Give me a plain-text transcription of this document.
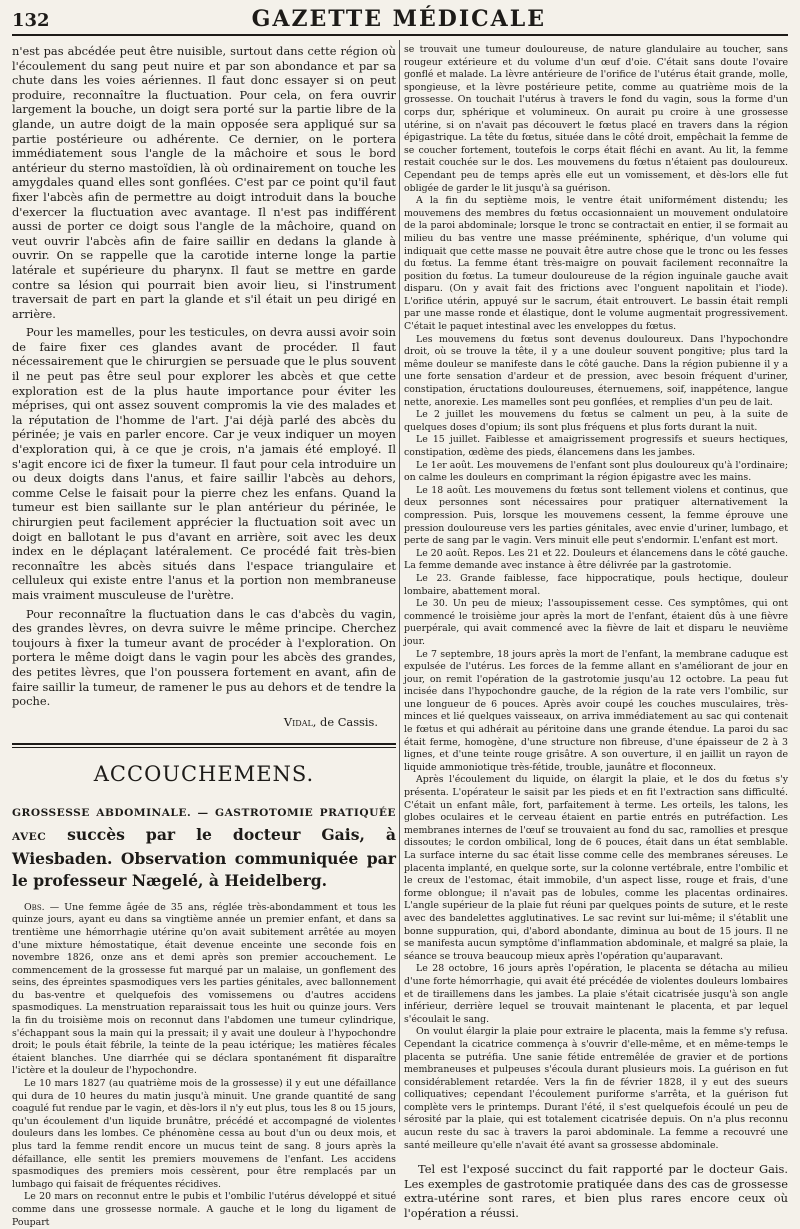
132	GAZETTE MÉDICALE

n'est pas abcédée peut être nuisible, surtout dans cette région où l'écoulement du sang peut nuire et par son abondance et par sa chute dans les voies aériennes. Il faut donc essayer si on peut produire, reconnaître la fluctuation. Pour cela, on fera ouvrir largement la bouche, un doigt sera porté sur la partie libre de la glande, un autre doigt de la main opposée sera appliqué sur sa partie postérieure ou adhérente. Ce dernier, on le portera immédiatement sous l'angle de la mâchoire et sous le bord antérieur du sterno mastoïdien, là où ordinairement on touche les amygdales quand elles sont gonflées. C'est par ce point qu'il faut fixer l'abcès afin de permettre au doigt introduit dans la bouche d'exercer la fluctuation avec avantage. Il n'est pas indifférent aussi de porter ce doigt sous l'angle de la mâchoire, quand on veut ouvrir l'abcès afin de faire saillir en dedans la glande à ouvrir. On se rappelle que la carotide interne longe la partie latérale et supérieure du pharynx. Il faut se mettre en garde contre sa lésion qui pourrait bien avoir lieu, si l'instrument traversait de part en part la glande et s'il était un peu dirigé en arrière.

Pour les mamelles, pour les testicules, on devra aussi avoir soin de faire fixer ces glandes avant de procéder. Il faut nécessairement que le chirurgien se persuade que le plus souvent il ne peut pas être seul pour explorer les abcès et que cette exploration est de la plus haute importance pour éviter les méprises, qui ont assez souvent compromis la vie des malades et la réputation de l'homme de l'art. J'ai déjà parlé des abcès du périnée; je vais en parler encore. Car je veux indiquer un moyen d'exploration qui, à ce que je crois, n'a jamais été employé. Il s'agit encore ici de fixer la tumeur. Il faut pour cela introduire un ou deux doigts dans l'anus, et faire saillir l'abcès au dehors, comme Celse le faisait pour la pierre chez les enfans. Quand la tumeur est bien saillante sur le plan antérieur du périnée, le chirurgien peut facilement apprécier la fluctuation soit avec un doigt en ballotant le pus d'avant en arrière, soit avec les deux index en le déplaçant latéralement. Ce procédé fait très-bien reconnaître les abcès situés dans l'espace triangulaire et celluleux qui existe entre l'anus et la portion non membraneuse mais vraiment musculeuse de l'urètre.

Pour reconnaître la fluctuation dans le cas d'abcès du vagin, des grandes lèvres, on devra suivre le même principe. Cherchez toujours à fixer la tumeur avant de procéder à l'exploration. On portera le même doigt dans le vagin pour les abcès des grandes, des petites lèvres, que l'on poussera fortement en avant, afin de faire saillir la tumeur, de ramener le pus au dehors et de tendre la poche.

Vidal, de Cassis.
ACCOUCHEMENS.
GROSSESSE ABDOMINALE. — GASTROTOMIE PRATIQUÉE AVEC succès par le docteur Gais, à Wiesbaden. Observation communiquée par le professeur Nægelé, à Heidelberg.

Obs. — Une femme âgée de 35 ans, réglée très-abondamment et tous les quinze jours, ayant eu dans sa vingtième année un premier enfant, et dans sa trentième une hémorrhagie utérine qu'on avait subitement arrêtée au moyen d'une mixture hémostatique, était devenue enceinte une seconde fois en novembre 1826, onze ans et demi après son premier accouchement. Le commencement de la grossesse fut marqué par un malaise, un gonflement des seins, des épreintes spasmodiques vers les parties génitales, avec ballonnement du bas-ventre et quelquefois des vomissemens ou d'autres accidens spasmodiques. La menstruation reparaissait tous les huit ou quinze jours. Vers la fin du troisième mois on reconnut dans l'abdomen une tumeur cylindrique, s'échappant sous la main qui la pressait; il y avait une douleur à l'hypochondre droit; le pouls était fébrile, la teinte de la peau ictérique; les matières fécales étaient blanches. Une diarrhée qui se déclara spontanément fit disparaître l'ictère et la douleur de l'hypochondre.

Le 10 mars 1827 (au quatrième mois de la grossesse) il y eut une défaillance qui dura de 10 heures du matin jusqu'à minuit. Une grande quantité de sang coagulé fut rendue par le vagin, et dès-lors il n'y eut plus, tous les 8 ou 15 jours, qu'un écoulement d'un liquide brunâtre, précédé et accompagné de violentes douleurs dans les lombes. Ce phénomène cessa au bout d'un ou deux mois, et plus tard la femme rendit encore un mucus teint de sang. 8 jours après la défaillance, elle sentit les premiers mouvemens de l'enfant. Les accidens spasmodiques des premiers mois cessèrent, pour être remplacés par un lumbago qui faisait de fréquentes récidives.

Le 20 mars on reconnut entre le pubis et l'ombilic l'utérus développé et situé comme dans une grossesse normale. A gauche et le long du ligament de Poupart

se trouvait une tumeur douloureuse, de nature glandulaire au toucher, sans rougeur extérieure et du volume d'un œuf d'oie. C'était sans doute l'ovaire gonflé et malade. La lèvre antérieure de l'orifice de l'utérus était grande, molle, spongieuse, et la lèvre postérieure petite, comme au quatrième mois de la grossesse. On touchait l'utérus à travers le fond du vagin, sous la forme d'un corps dur, sphérique et volumineux. On aurait pu croire à une grossesse utérine, si on n'avait pas découvert le fœtus placé en travers dans la région épigastrique. La tête du fœtus, située dans le côté droit, empêchait la femme de se coucher fortement, toutefois le corps était fléchi en avant. Au lit, la femme restait couchée sur le dos. Les mouvemens du fœtus n'étaient pas douloureux. Cependant peu de temps après elle eut un vomissement, et dès-lors elle fut obligée de garder le lit jusqu'à sa guérison.

A la fin du septième mois, le ventre était uniformément distendu; les mouvemens des membres du fœtus occasionnaient un mouvement ondulatoire de la paroi abdominale; lorsque le tronc se contractait en entier, il se formait au milieu du bas ventre une masse prééminente, sphérique, d'un volume qui indiquait que cette masse ne pouvait être autre chose que le tronc ou les fesses du fœtus. La femme étant très-maigre on pouvait facilement reconnaître la position du fœtus. La tumeur douloureuse de la région inguinale gauche avait disparu. (On y avait fait des frictions avec l'onguent napolitain et l'iode). L'orifice utérin, appuyé sur le sacrum, était entrouvert. Le bassin était rempli par une masse ronde et élastique, dont le volume augmentait progressivement. C'était le paquet intestinal avec les enveloppes du fœtus.

Les mouvemens du fœtus sont devenus douloureux. Dans l'hypochondre droit, où se trouve la tête, il y a une douleur souvent pongitive; plus tard la même douleur se manifeste dans le côté gauche. Dans la région pubienne il y a une forte sensation d'ardeur et de pression, avec besoin fréquent d'uriner, constipation, éructations douloureuses, éternuemens, soif, inappétence, langue nette, anorexie. Les mamelles sont peu gonflées, et remplies d'un peu de lait.

Le 2 juillet les mouvemens du fœtus se calment un peu, à la suite de quelques doses d'opium; ils sont plus fréquens et plus forts durant la nuit.

Le 15 juillet. Faiblesse et amaigrissement progressifs et sueurs hectiques, constipation, œdème des pieds, élancemens dans les jambes.

Le 1er août. Les mouvemens de l'enfant sont plus douloureux qu'à l'ordinaire; on calme les douleurs en comprimant la région épigastre avec les mains.

Le 18 août. Les mouvemens du fœtus sont tellement violens et continus, que deux personnes sont nécessaires pour pratiquer alternativement la compression. Puis, lorsque les mouvemens cessent, la femme éprouve une pression douloureuse vers les parties génitales, avec envie d'uriner, lumbago, et perte de sang par le vagin. Vers minuit elle peut s'endormir. L'enfant est mort.

Le 20 août. Repos. Les 21 et 22. Douleurs et élancemens dans le côté gauche. La femme demande avec instance à être délivrée par la gastrotomie.

Le 23. Grande faiblesse, face hippocratique, pouls hectique, douleur lombaire, abattement moral.

Le 30. Un peu de mieux; l'assoupissement cesse. Ces symptômes, qui ont commencé le troisième jour après la mort de l'enfant, étaient dûs à une fièvre puerpérale, qui avait commencé avec la fièvre de lait et disparu le neuvième jour.

Le 7 septembre, 18 jours après la mort de l'enfant, la membrane caduque est expulsée de l'utérus. Les forces de la femme allant en s'améliorant de jour en jour, on remit l'opération de la gastrotomie jusqu'au 12 octobre. La peau fut incisée dans l'hypochondre gauche, de la région de la rate vers l'ombilic, sur une longueur de 6 pouces. Après avoir coupé les couches musculaires, très-minces et lié quelques vaisseaux, on arriva immédiatement au sac qui contenait le fœtus et qui adhérait au péritoine dans une grande étendue. La paroi du sac était ferme, homogène, d'une structure non fibreuse, d'une épaisseur de 2 à 3 lignes, et d'une teinte rouge grisâtre. A son ouverture, il en jaillit un rayon de liquide ammoniotique très-fétide, trouble, jaunâtre et floconneux.

Après l'écoulement du liquide, on élargit la plaie, et le dos du fœtus s'y présenta. L'opérateur le saisit par les pieds et en fit l'extraction sans difficulté. C'était un enfant mâle, fort, parfaitement à terme. Les orteils, les talons, les globes oculaires et le cerveau étaient en partie entrés en putréfaction. Les membranes internes de l'œuf se trouvaient au fond du sac, ramollies et presque dissoutes; le cordon ombilical, long de 6 pouces, était dans un état semblable. La surface interne du sac était lisse comme celle des membranes séreuses. Le placenta implanté, en quelque sorte, sur la colonne vertébrale, entre l'ombilic et le creux de l'estomac, était immobile, d'un aspect lisse, rouge et frais, d'une forme oblongue; il n'avait pas de lobules, comme les placentas ordinaires. L'angle supérieur de la plaie fut réuni par quelques points de suture, et le reste avec des bandelettes agglutinatives. Le sac revint sur lui-même; il s'établit une bonne suppuration, qui, d'abord abondante, diminua au bout de 15 jours. Il ne se manifesta aucun symptôme d'inflammation abdominale, et malgré sa plaie, la séance se trouva beaucoup mieux après l'opération qu'auparavant.

Le 28 octobre, 16 jours après l'opération, le placenta se détacha au milieu d'une forte hémorrhagie, qui avait été précédée de violentes douleurs lombaires et de tiraillemens dans les jambes. La plaie s'était cicatrisée jusqu'à son angle inférieur, derrière lequel se trouvait maintenant le placenta, et par lequel s'écoulait le sang.

On voulut élargir la plaie pour extraire le placenta, mais la femme s'y refusa. Cependant la cicatrice commença à s'ouvrir d'elle-même, et en même-temps le placenta se putréfia. Une sanie fétide entremêlée de gravier et de portions membraneuses et pulpeuses s'écoula durant plusieurs mois. La guérison en fut considérablement retardée. Vers la fin de février 1828, il y eut des sueurs colliquatives; cependant l'écoulement puriforme s'arrêta, et la guérison fut complète vers le printemps. Durant l'été, il s'est quelquefois écoulé un peu de sérosité par la plaie, qui est totalement cicatrisée depuis. On n'a plus reconnu aucun reste du sac à travers la paroi abdominale. La femme a recouvré une santé meilleure qu'elle n'avait été avant sa grossesse abdominale.

Tel est l'exposé succinct du fait rapporté par le docteur Gais. Les exemples de gastrotomie pratiquée dans des cas de grossesse extra-utérine sont rares, et bien plus rares encore ceux où l'opération a réussi.
